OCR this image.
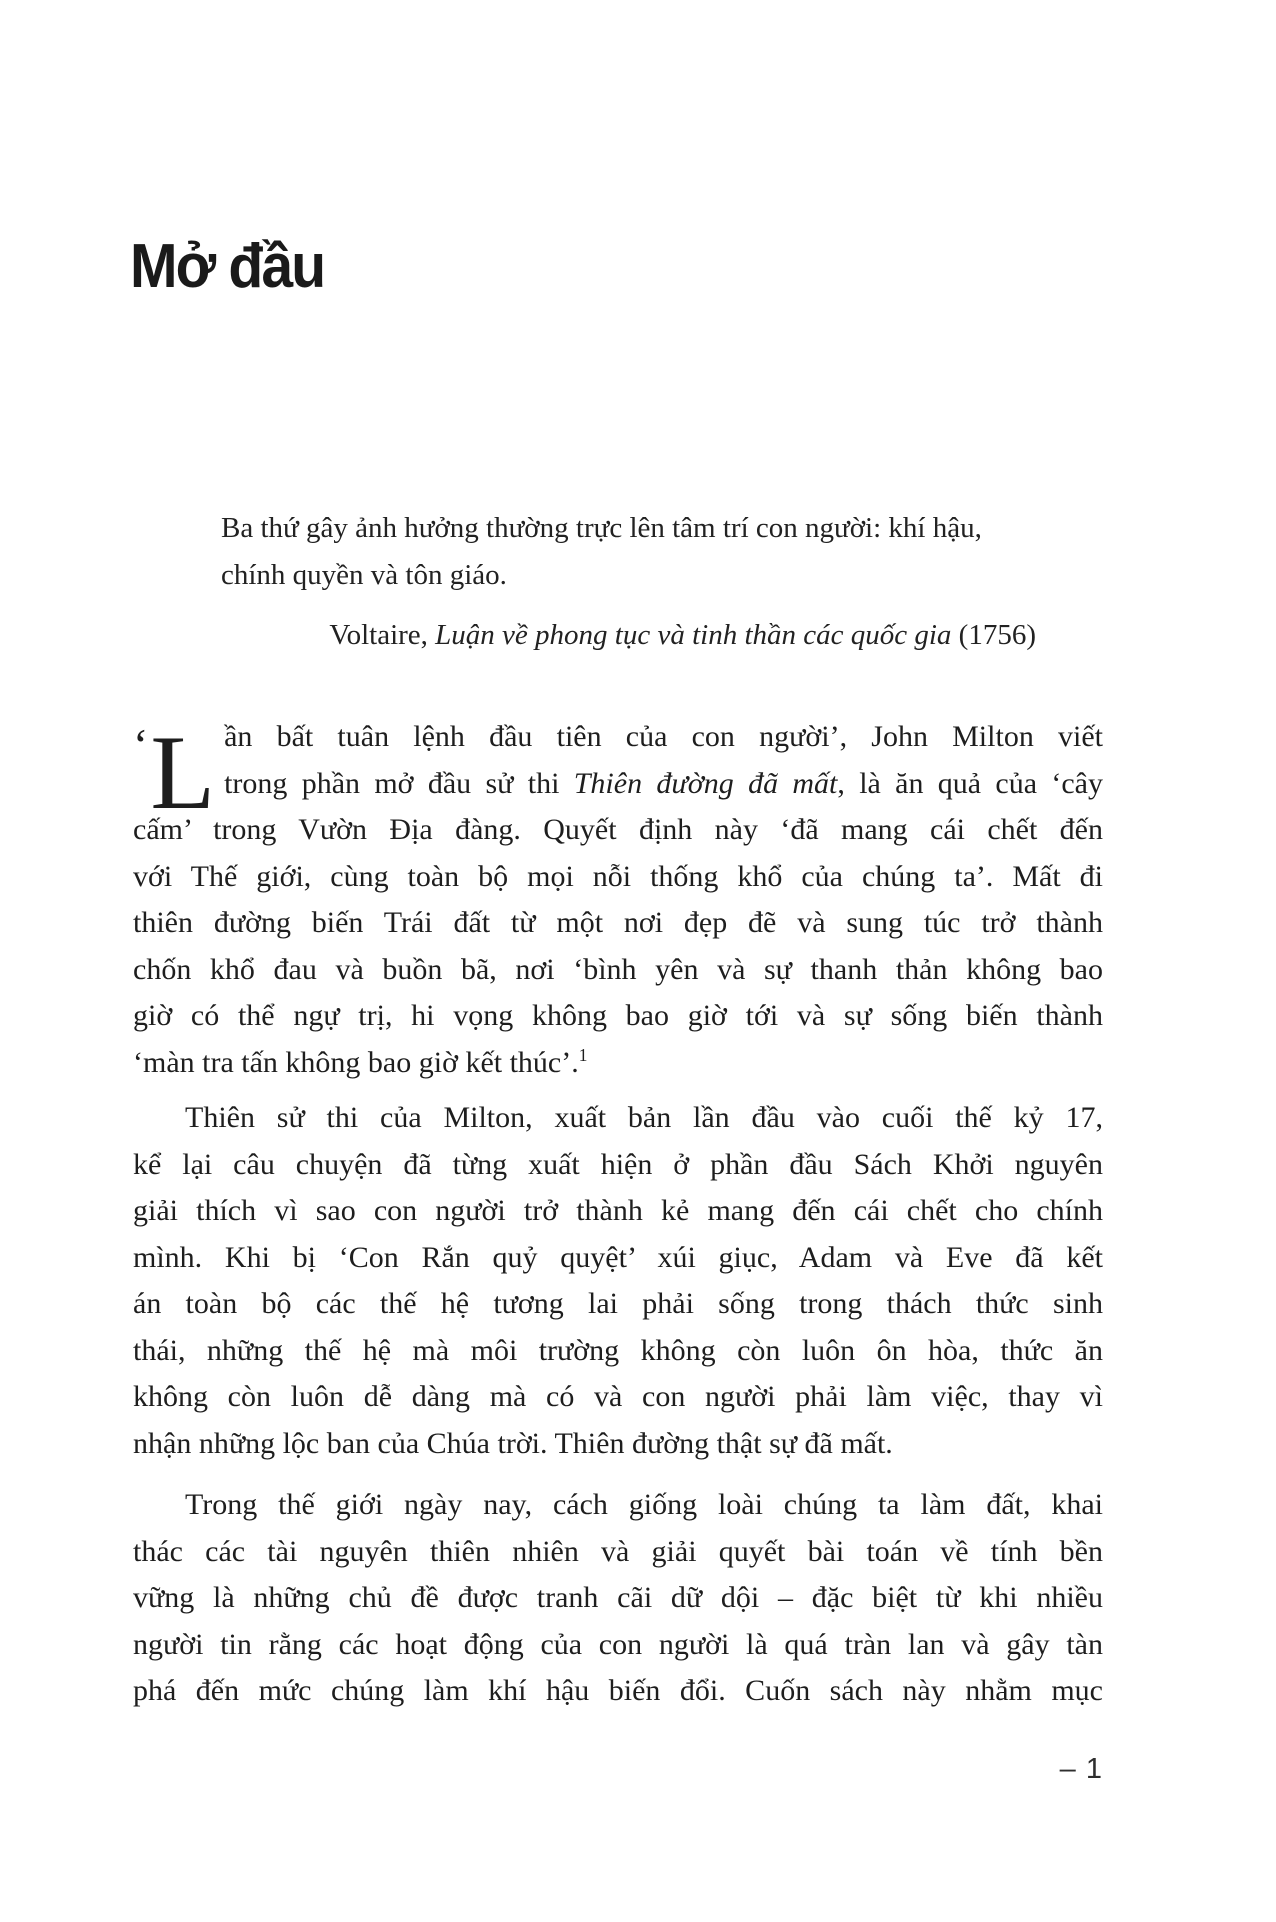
Mở đầu
Ba thứ gây ảnh hưởng thường trực lên tâm trí con người: khí hậu,
chính quyền và tôn giáo.
Voltaire, Luận về phong tục và tinh thần các quốc gia (1756)
‘L ần bất tuân lệnh đầu tiên của con người’, John Milton viết
trong phần mở đầu sử thi Thiên đường đã mất, là ăn quả của ‘cây
cấm’ trong Vườn Địa đàng. Quyết định này ‘đã mang cái chết đến
với Thế giới, cùng toàn bộ mọi nỗi thống khổ của chúng ta’. Mất đi
thiên đường biến Trái đất từ một nơi đẹp đẽ và sung túc trở thành
chốn khổ đau và buồn bã, nơi ‘bình yên và sự thanh thản không bao
giờ có thể ngự trị, hi vọng không bao giờ tới và sự sống biến thành
‘màn tra tấn không bao giờ kết thúc’.$^1$
Thiên sử thi của Milton, xuất bản lần đầu vào cuối thế kỷ 17,
kể lại câu chuyện đã từng xuất hiện ở phần đầu Sách Khởi nguyên
giải thích vì sao con người trở thành kẻ mang đến cái chết cho chính
mình. Khi bị ‘Con Rắn quỷ quyệt’ xúi giục, Adam và Eve đã kết
án toàn bộ các thế hệ tương lai phải sống trong thách thức sinh
thái, những thế hệ mà môi trường không còn luôn ôn hòa, thức ăn
không còn luôn dễ dàng mà có và con người phải làm việc, thay vì
nhận những lộc ban của Chúa trời. Thiên đường thật sự đã mất.
Trong thế giới ngày nay, cách giống loài chúng ta làm đất, khai
thác các tài nguyên thiên nhiên và giải quyết bài toán về tính bền
vững là những chủ đề được tranh cãi dữ dội – đặc biệt từ khi nhiều
người tin rằng các hoạt động của con người là quá tràn lan và gây tàn
phá đến mức chúng làm khí hậu biến đổi. Cuốn sách này nhằm mục
– 1
